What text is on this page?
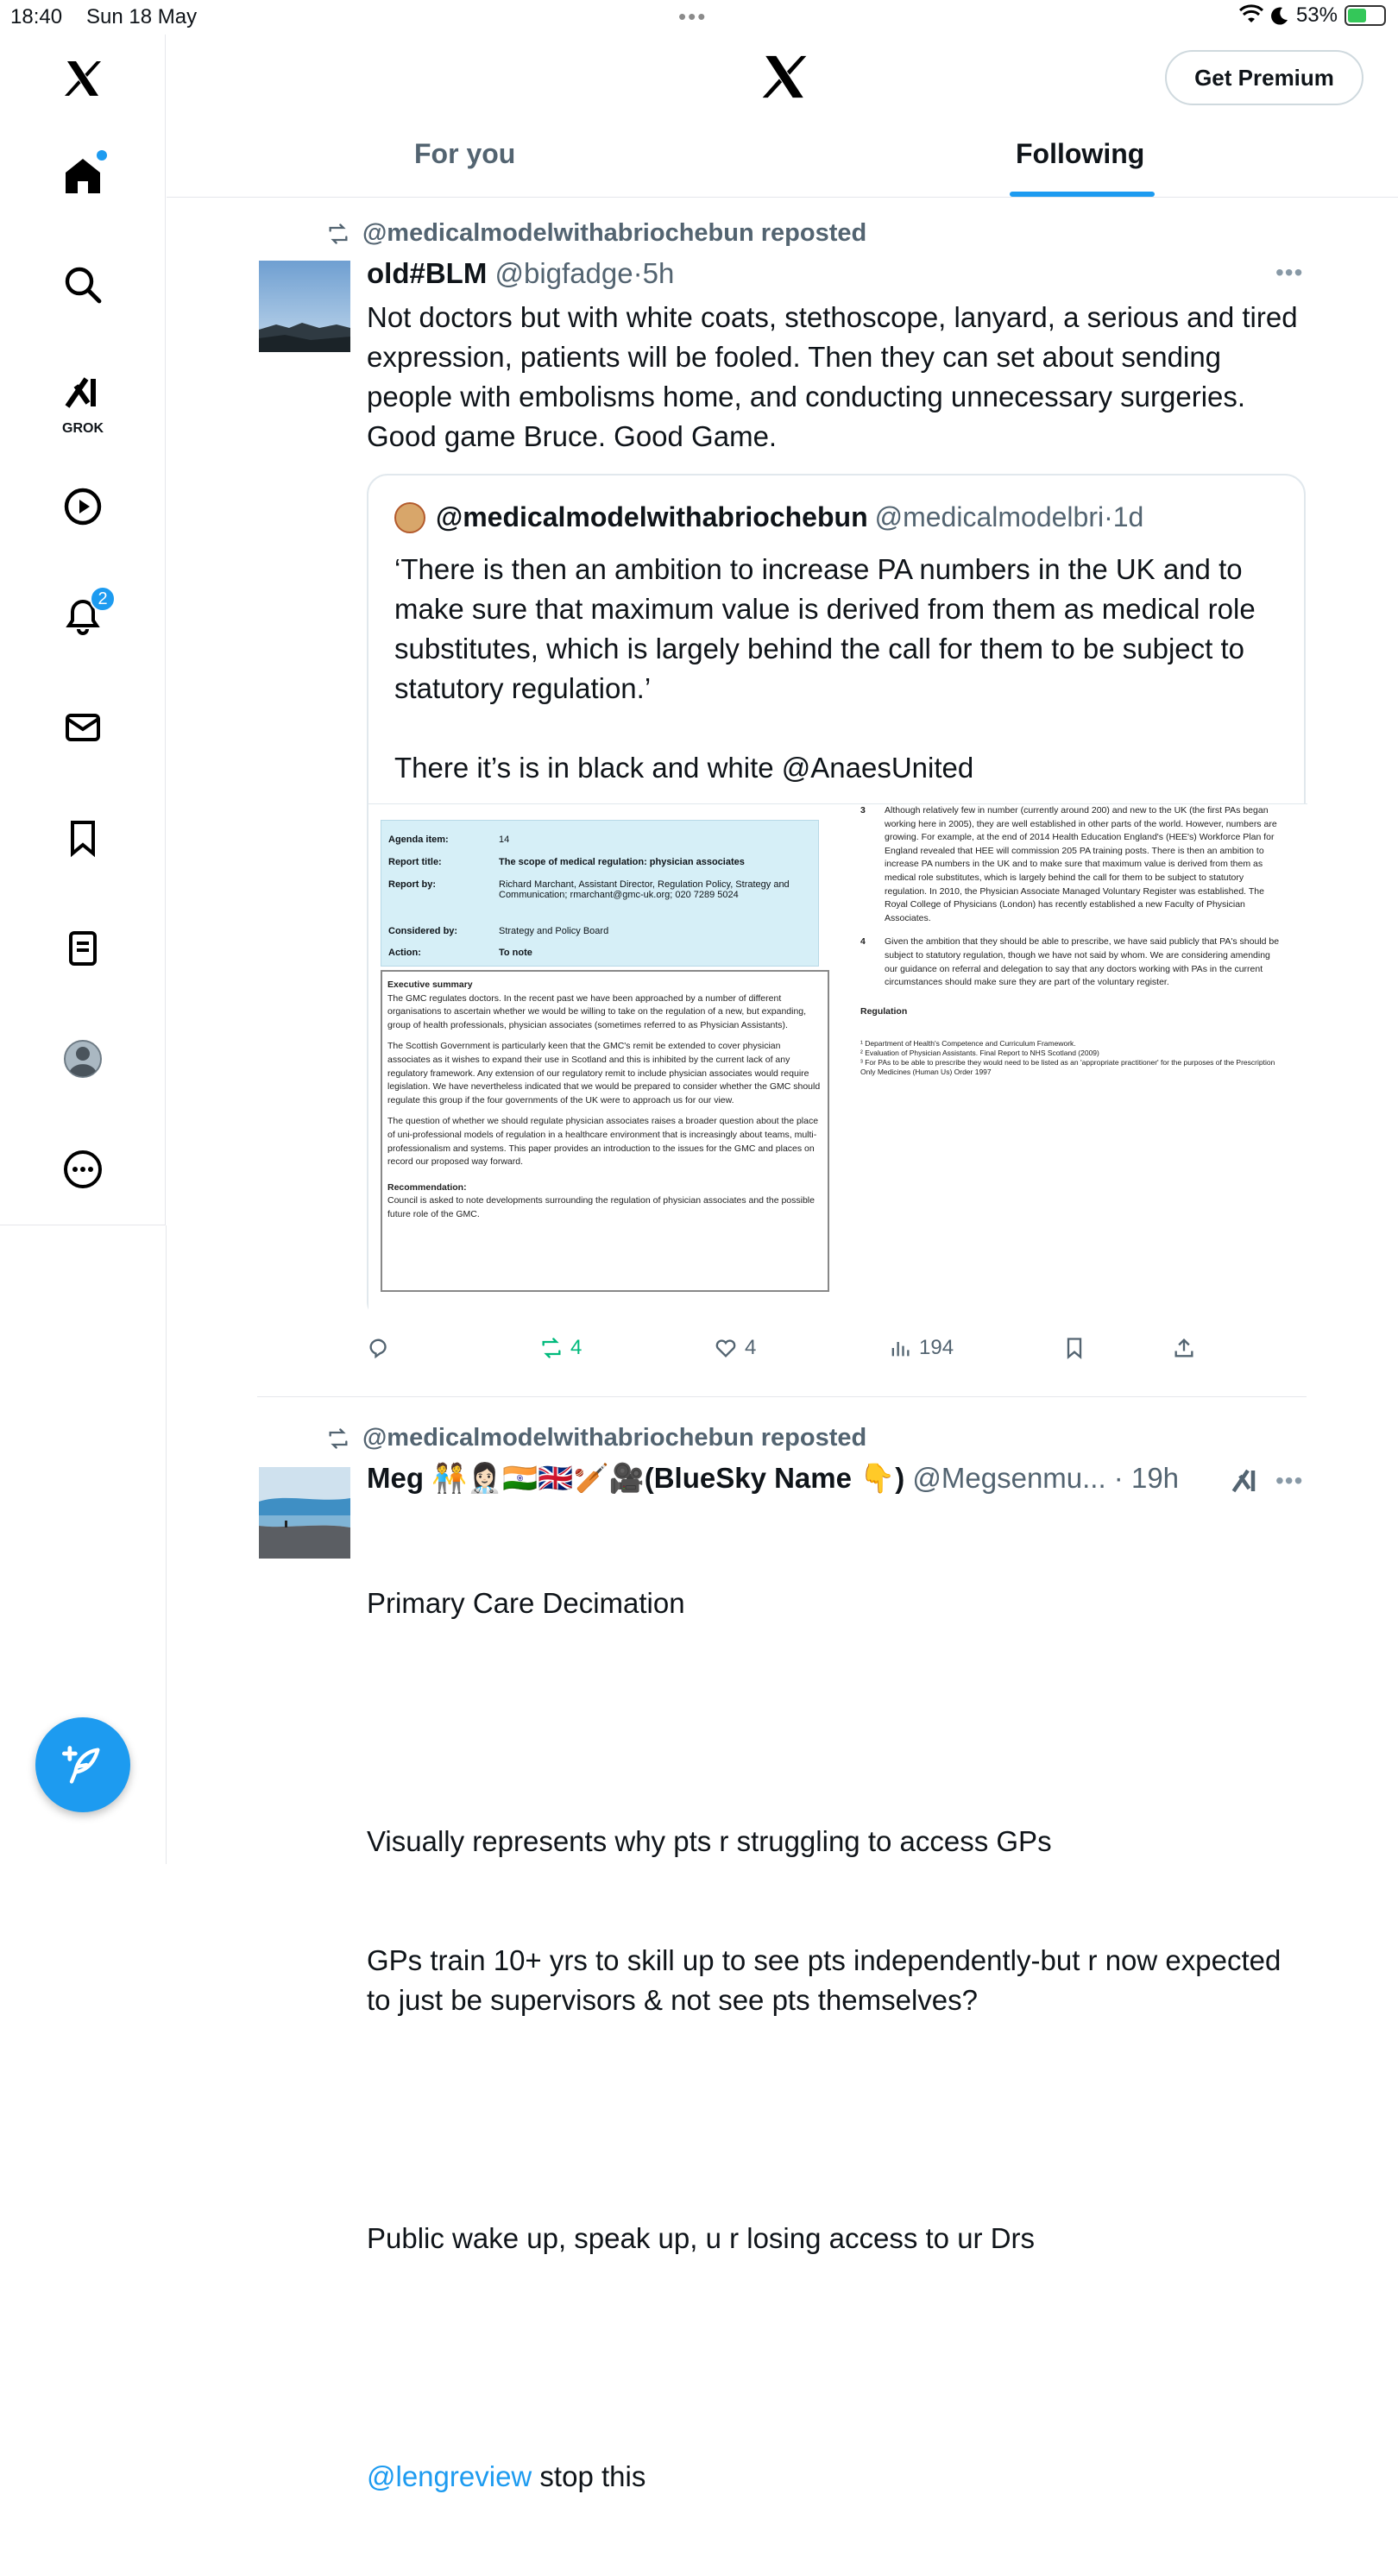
18:40 Sun 18 May	•••	53%
GROK
2
Get Premium
For you	Following
@medicalmodelwithabriochebun reposted
old#BLM @bigfadge·5h	•••
Not doctors but with white coats, stethoscope, lanyard, a serious and tired expression, patients will be fooled. Then they can set about sending people with embolisms home, and conducting unnecessary surgeries. Good game Bruce. Good Game.
@medicalmodelwithabriochebun @medicalmodelbri · 1d
‘There is then an ambition to increase PA numbers in the UK and to make sure that maximum value is derived from them as medical role substitutes, which is largely behind the call for them to be subject to statutory regulation.’

There it’s is in black and white @AnaesUnited
Agenda item:	14
Report title:	The scope of medical regulation: physician associates
Report by:	Richard Marchant, Assistant Director, Regulation Policy, Strategy and Communication; rmarchant@gmc-uk.org; 020 7289 5024
Considered by:	Strategy and Policy Board
Action:	To note

Executive summary

The GMC regulates doctors. In the recent past we have been approached by a number of different organisations to ascertain whether we would be willing to take on the regulation of a new, but expanding, group of health professionals, physician associates (sometimes referred to as Physician Assistants).

The Scottish Government is particularly keen that the GMC's remit be extended to cover physician associates as it wishes to expand their use in Scotland and this is inhibited by the current lack of any regulatory framework. Any extension of our regulatory remit to include physician associates would require legislation. We have nevertheless indicated that we would be prepared to consider whether the GMC should regulate this group if the four governments of the UK were to approach us for our view.

The question of whether we should regulate physician associates raises a broader question about the place of uni-professional models of regulation in a healthcare environment that is increasingly about teams, multi-professionalism and systems. This paper provides an introduction to the issues for the GMC and places on record our proposed way forward.

Recommendation:

Council is asked to note developments surrounding the regulation of physician associates and the possible future role of the GMC.

3 Although relatively few in number (currently around 200) and new to the UK (the first PAs began working here in 2005), they are well established in other parts of the world. However, numbers are growing. For example, at the end of 2014 Health Education England's (HEE's) Workforce Plan for England revealed that HEE will commission 205 PA training posts. There is then an ambition to increase PA numbers in the UK and to make sure that maximum value is derived from them as medical role substitutes, which is largely behind the call for them to be subject to statutory regulation. In 2010, the Physician Associate Managed Voluntary Register was established. The Royal College of Physicians (London) has recently established a new Faculty of Physician Associates.
4 Given the ambition that they should be able to prescribe, we have said publicly that PA's should be subject to statutory regulation, though we have not said by whom. We are considering amending our guidance on referral and delegation to say that any doctors working with PAs in the current circumstances should make sure they are part of the voluntary register.
Regulation
¹ Department of Health's Competence and Curriculum Framework.
² Evaluation of Physician Assistants. Final Report to NHS Scotland (2009)
³ For PAs to be able to prescribe they would need to be listed as an 'appropriate practitioner' for the purposes of the Prescription Only Medicines (Human Us) Order 1997
4	4	194
@medicalmodelwithabriochebun reposted
Meg 🧑‍🤝‍🧑👩🏻‍⚕️🇮🇳🇬🇧🏏🎥(BlueSky Name 👇) @Megsenmu... · 19h	•••

Primary Care Decimation

Visually represents why pts r struggling to access GPs

GPs train 10+ yrs to skill up to see pts independently-but r now expected to just be supervisors & not see pts themselves?

Public wake up, speak up, u r losing access to ur Drs

@lengreview stop this
